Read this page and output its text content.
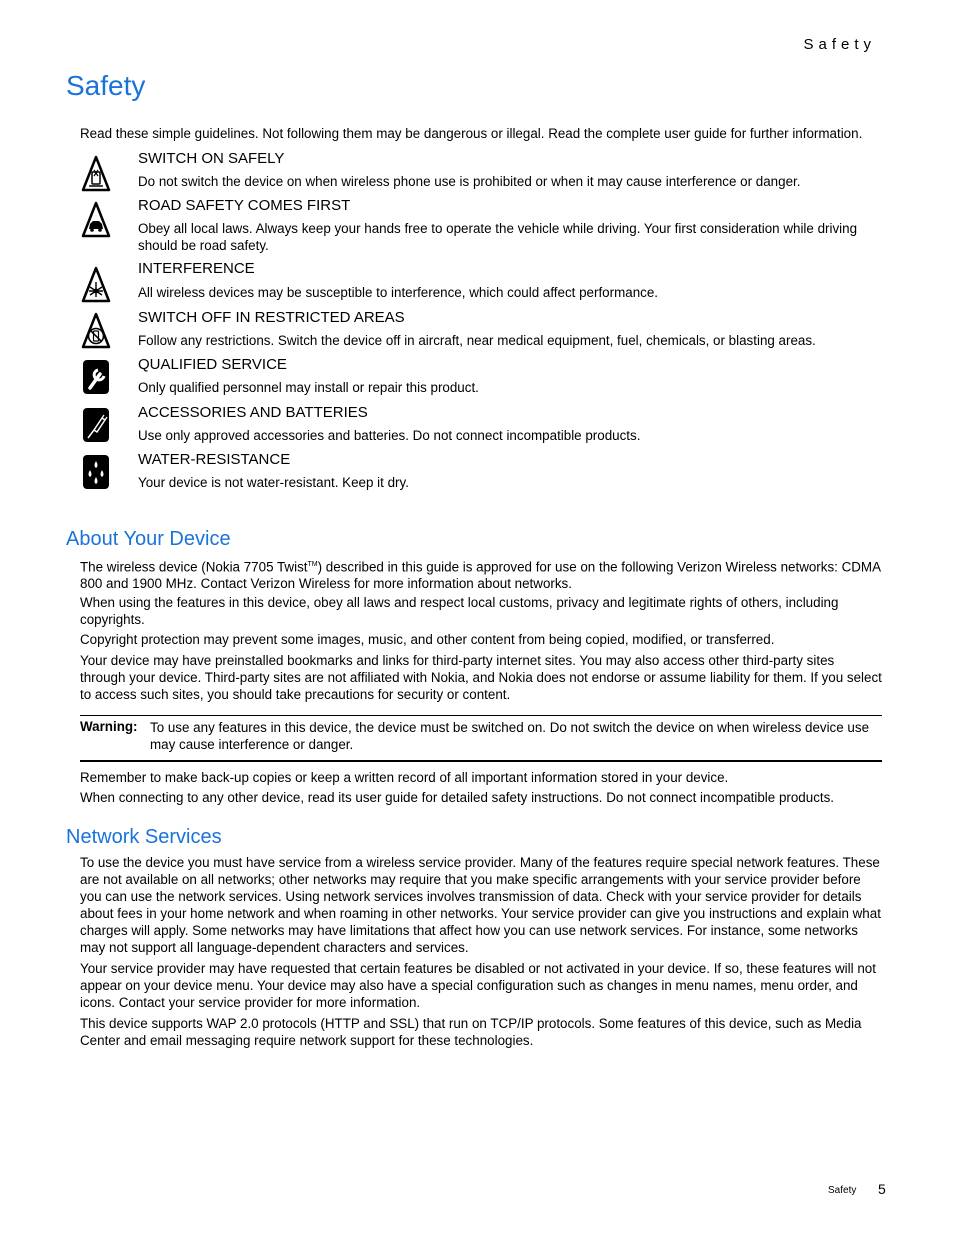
Safety
Safety

Read these simple guidelines. Not following them may be dangerous or illegal. Read the complete user guide for further information.

SWITCH ON SAFELY

Do not switch the device on when wireless phone use is prohibited or when it may cause interference or danger.

ROAD SAFETY COMES FIRST

Obey all local laws. Always keep your hands free to operate the vehicle while driving. Your first consideration while driving should be road safety.

INTERFERENCE

All wireless devices may be susceptible to interference, which could affect performance.

SWITCH OFF IN RESTRICTED AREAS

Follow any restrictions. Switch the device off in aircraft, near medical equipment, fuel, chemicals, or blasting areas.

QUALIFIED SERVICE

Only qualified personnel may install or repair this product.

ACCESSORIES AND BATTERIES

Use only approved accessories and batteries. Do not connect incompatible products.

WATER-RESISTANCE

Your device is not water-resistant. Keep it dry.

About Your Device

The wireless device (Nokia 7705 Twist™) described in this guide is approved for use on the following Verizon Wireless networks: CDMA 800 and 1900 MHz. Contact Verizon Wireless for more information about networks.

When using the features in this device, obey all laws and respect local customs, privacy and legitimate rights of others, including copyrights.

Copyright protection may prevent some images, music, and other content from being copied, modified, or transferred.

Your device may have preinstalled bookmarks and links for third-party internet sites. You may also access other third-party sites through your device. Third-party sites are not affiliated with Nokia, and Nokia does not endorse or assume liability for them. If you select to access such sites, you should take precautions for security or content.

Warning: To use any features in this device, the device must be switched on. Do not switch the device on when wireless device use may cause interference or danger.

Remember to make back-up copies or keep a written record of all important information stored in your device.

When connecting to any other device, read its user guide for detailed safety instructions. Do not connect incompatible products.

Network Services

To use the device you must have service from a wireless service provider. Many of the features require special network features. These are not available on all networks; other networks may require that you make specific arrangements with your service provider before you can use the network services. Using network services involves transmission of data. Check with your service provider for details about fees in your home network and when roaming in other networks. Your service provider can give you instructions and explain what charges will apply. Some networks may have limitations that affect how you can use network services. For instance, some networks may not support all language-dependent characters and services.

Your service provider may have requested that certain features be disabled or not activated in your device. If so, these features will not appear on your device menu. Your device may also have a special configuration such as changes in menu names, menu order, and icons. Contact your service provider for more information.

This device supports WAP 2.0 protocols (HTTP and SSL) that run on TCP/IP protocols. Some features of this device, such as Media Center and email messaging require network support for these technologies.

Safety 5
